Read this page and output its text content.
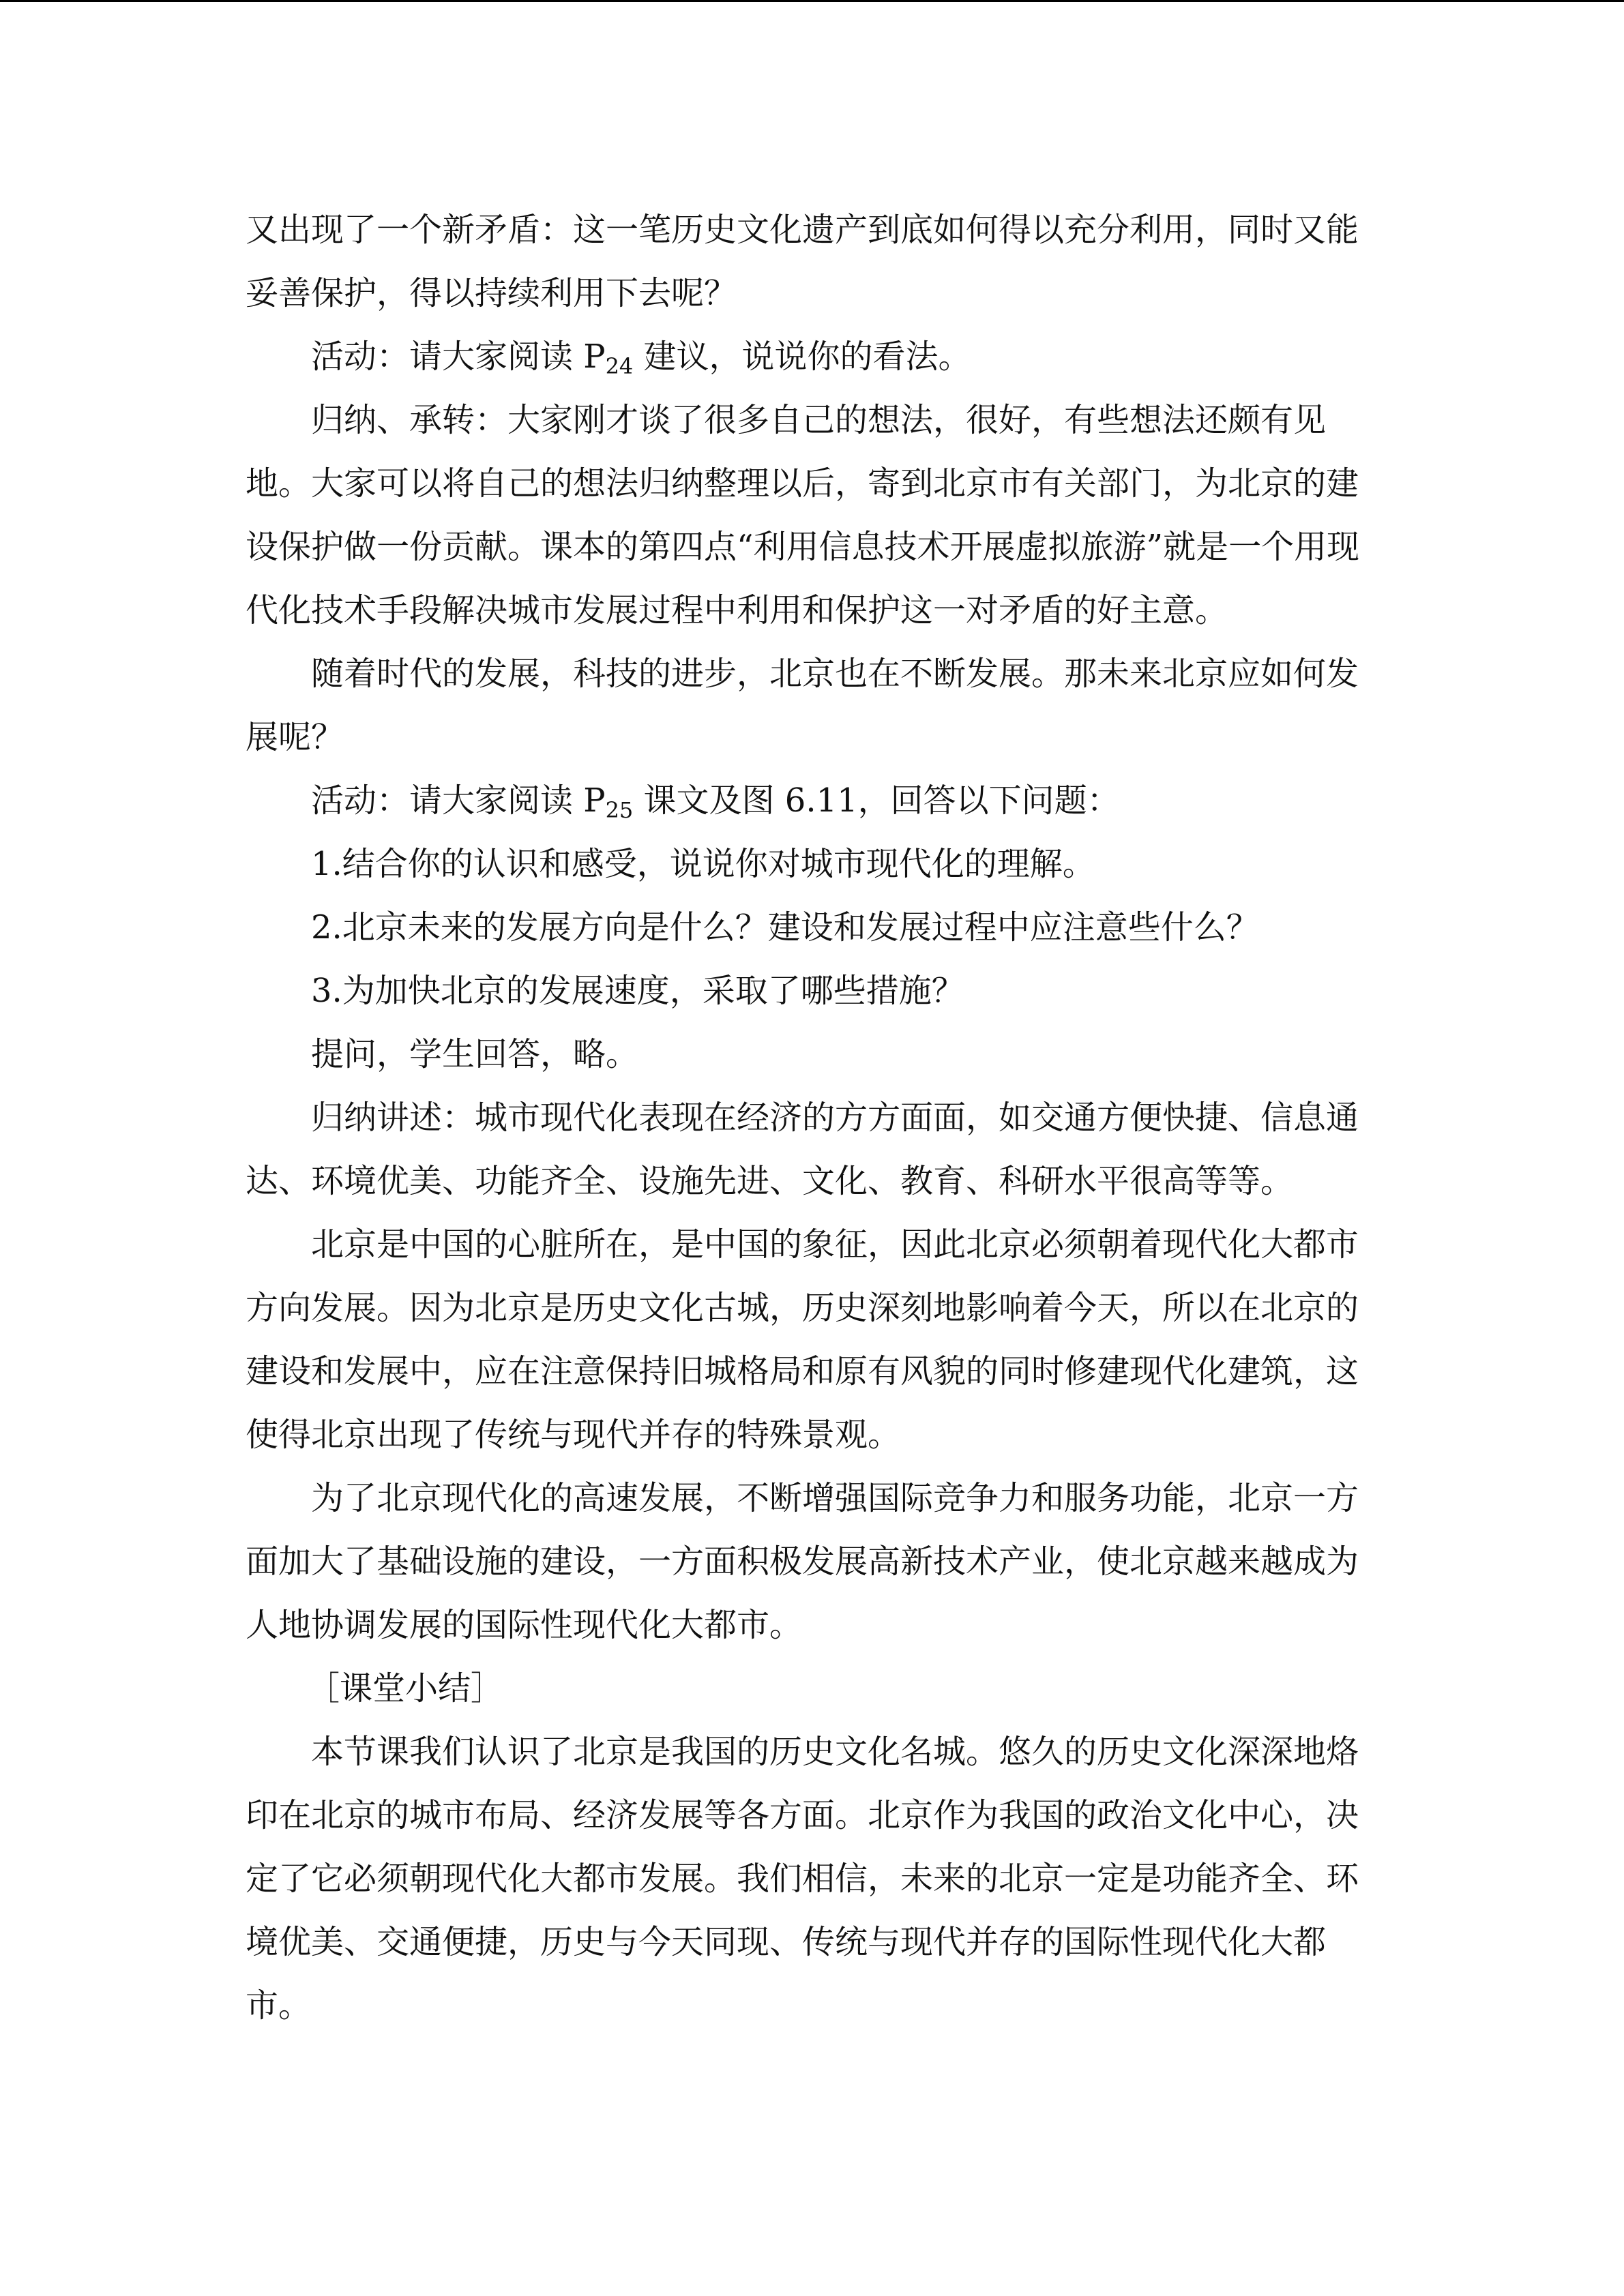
又出现了一个新矛盾：这一笔历史文化遗产到底如何得以充分利用，同时又能妥善保护，得以持续利用下去呢？

活动：请大家阅读 $P_{24}$ 建议，说说你的看法。

归纳、承转：大家刚才谈了很多自己的想法，很好，有些想法还颇有见地。大家可以将自己的想法归纳整理以后，寄到北京市有关部门，为北京的建设保护做一份贡献。课本的第四点“利用信息技术开展虚拟旅游”就是一个用现代化技术手段解决城市发展过程中利用和保护这一对矛盾的好主意。

随着时代的发展，科技的进步，北京也在不断发展。那未来北京应如何发展呢？

活动：请大家阅读 $P_{25}$ 课文及图 6.11，回答以下问题：

1.结合你的认识和感受，说说你对城市现代化的理解。

2.北京未来的发展方向是什么？建设和发展过程中应注意些什么？

3.为加快北京的发展速度，采取了哪些措施？

提问，学生回答，略。

归纳讲述：城市现代化表现在经济的方方面面，如交通方便快捷、信息通达、环境优美、功能齐全、设施先进、文化、教育、科研水平很高等等。

北京是中国的心脏所在，是中国的象征，因此北京必须朝着现代化大都市方向发展。因为北京是历史文化古城，历史深刻地影响着今天，所以在北京的建设和发展中，应在注意保持旧城格局和原有风貌的同时修建现代化建筑，这使得北京出现了传统与现代并存的特殊景观。

为了北京现代化的高速发展，不断增强国际竞争力和服务功能，北京一方面加大了基础设施的建设，一方面积极发展高新技术产业，使北京越来越成为人地协调发展的国际性现代化大都市。

［课堂小结］

本节课我们认识了北京是我国的历史文化名城。悠久的历史文化深深地烙印在北京的城市布局、经济发展等各方面。北京作为我国的政治文化中心，决定了它必须朝现代化大都市发展。我们相信，未来的北京一定是功能齐全、环境优美、交通便捷，历史与今天同现、传统与现代并存的国际性现代化大都市。
